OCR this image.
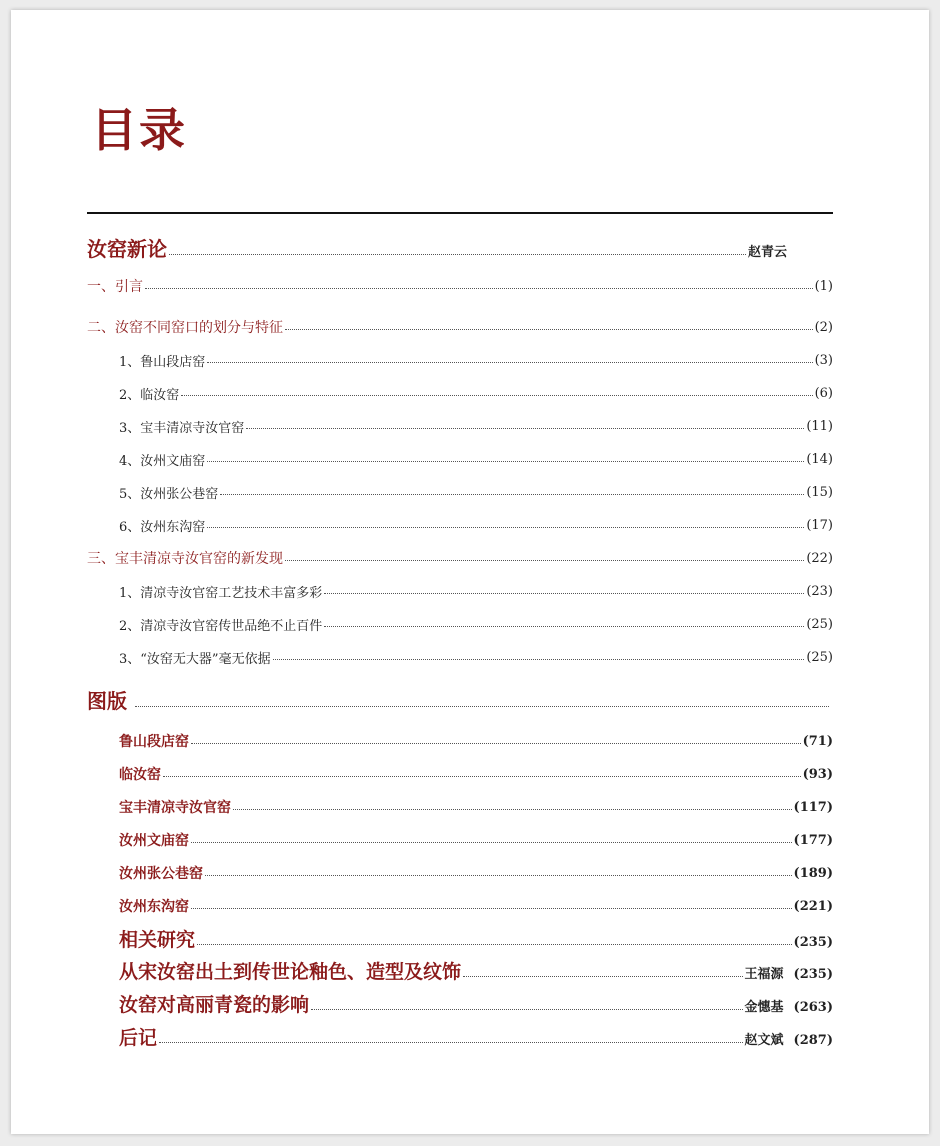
目录
汝窑新论	赵青云
一、引言	(1)
二、汝窑不同窑口的划分与特征	(2)
1、鲁山段店窑	(3)
2、临汝窑	(6)
3、宝丰清凉寺汝官窑	(11)
4、汝州文庙窑	(14)
5、汝州张公巷窑	(15)
6、汝州东沟窑	(17)
三、宝丰清凉寺汝官窑的新发现	(22)
1、清凉寺汝官窑工艺技术丰富多彩	(23)
2、清凉寺汝官窑传世品绝不止百件	(25)
3、“汝窑无大器”毫无依据	(25)
图版
鲁山段店窑	(71)
临汝窑	(93)
宝丰清凉寺汝官窑	(117)
汝州文庙窑	(177)
汝州张公巷窑	(189)
汝州东沟窑	(221)
相关研究	(235)
从宋汝窑出土到传世论釉色、造型及纹饰	王福源 (235)
汝窑对高丽青瓷的影响	金憓基 (263)
后记	赵文斌 (287)
